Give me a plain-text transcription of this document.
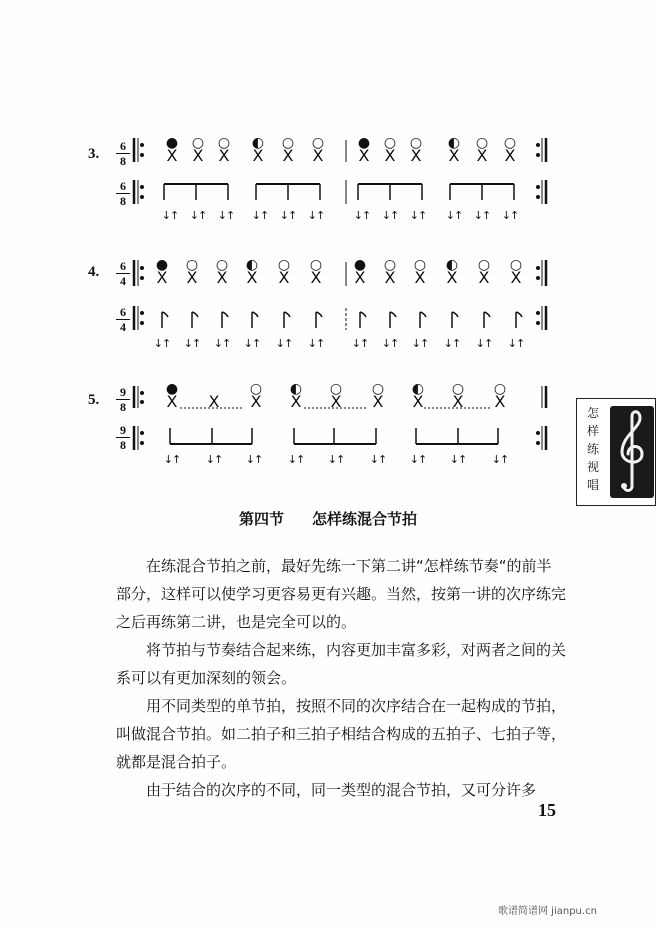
3.	6
8
6
8
● ○ ○ ◐ ○ ○ ● ○ ○ ◐ ○ ○
X X X X X X X X X X X X
↓↑ ↓↑ ↓↑ ↓↑ ↓↑ ↓↑	↓↑ ↓↑ ↓↑ ↓↑ ↓↑ ↓↑
4.	6
4
6
4
● ○ ○ ◐ ○ ○ ● ○ ○ ◐ ○ ○
X X X X X X X X X X X X
↓↑ ↓↑ ↓↑ ↓↑ ↓↑ ↓↑	↓↑ ↓↑ ↓↑ ↓↑ ↓↑ ↓↑
5.	9
8
9
8
●	○ ◐ ○ ○ ◐ ○ ○
X X X X X X X X X
↓↑ ↓↑ ↓↑ ↓↑ ↓↑ ↓↑ ↓↑ ↓↑ ↓↑
怎
样
练
视
唱
第四节 怎样练混合节拍

在练混合节拍之前，最好先练一下第二讲“怎样练节奏“的前半部分，这样可以使学习更容易更有兴趣。当然，按第一讲的次序练完之后再练第二讲，也是完全可以的。

将节拍与节奏结合起来练，内容更加丰富多彩，对两者之间的关系可以有更加深刻的领会。

用不同类型的单节拍，按照不同的次序结合在一起构成的节拍，叫做混合节拍。如二拍子和三拍子相结合构成的五拍子、七拍子等，就都是混合拍子。

由于结合的次序的不同，同一类型的混合节拍，又可分许多

15
歌谱简谱网 jianpu.cn
